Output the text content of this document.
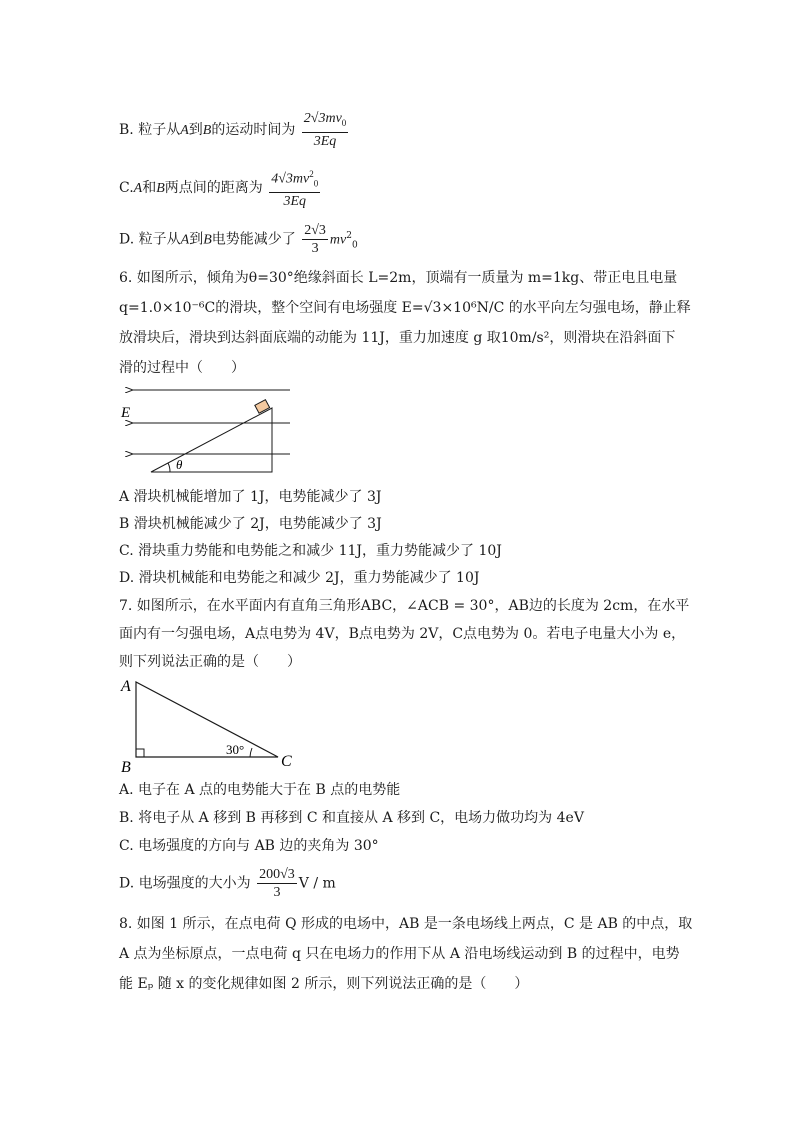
B. 粒子从A到B的运动时间为 $\frac{2√3mv_0}{3Eq}$
C.A和B两点间的距离为 $\frac{4√3mv^2_0}{3Eq}$
D. 粒子从A到B电势能减少了 $\frac{2√3}{3} mv^2_0$
6. 如图所示，倾角为θ=30°绝缘斜面长 L=2m，顶端有一质量为 m=1kg、带正电且电量
q=1.0×10⁻⁶C的滑块，整个空间有电场强度 E=√3×10⁶N/C 的水平向左匀强电场，静止释
放滑块后，滑块到达斜面底端的动能为 11J，重力加速度 g 取10m/s²，则滑块在沿斜面下
滑的过程中（　　）
E
θ
A 滑块机械能增加了 1J，电势能减少了 3J
B 滑块机械能减少了 2J，电势能减少了 3J
C. 滑块重力势能和电势能之和减少 11J，重力势能减少了 10J
D. 滑块机械能和电势能之和减少 2J，重力势能减少了 10J
7. 如图所示，在水平面内有直角三角形ABC，∠ACB = 30°，AB边的长度为 2cm，在水平
面内有一匀强电场，A点电势为 4V，B点电势为 2V，C点电势为 0。若电子电量大小为 e，
则下列说法正确的是（　　）
A
B	C
30°
A. 电子在 A 点的电势能大于在 B 点的电势能
B. 将电子从 A 移到 B 再移到 C 和直接从 A 移到 C，电场力做功均为 4eV
C. 电场强度的方向与 AB 边的夹角为 30°
D. 电场强度的大小为 $\frac{200√3}{3}$ V / m
8. 如图 1 所示，在点电荷 Q 形成的电场中，AB 是一条电场线上两点，C 是 AB 的中点，取
A 点为坐标原点，一点电荷 q 只在电场力的作用下从 A 沿电场线运动到 B 的过程中，电势
能 Eₚ 随 x 的变化规律如图 2 所示，则下列说法正确的是（　　）
